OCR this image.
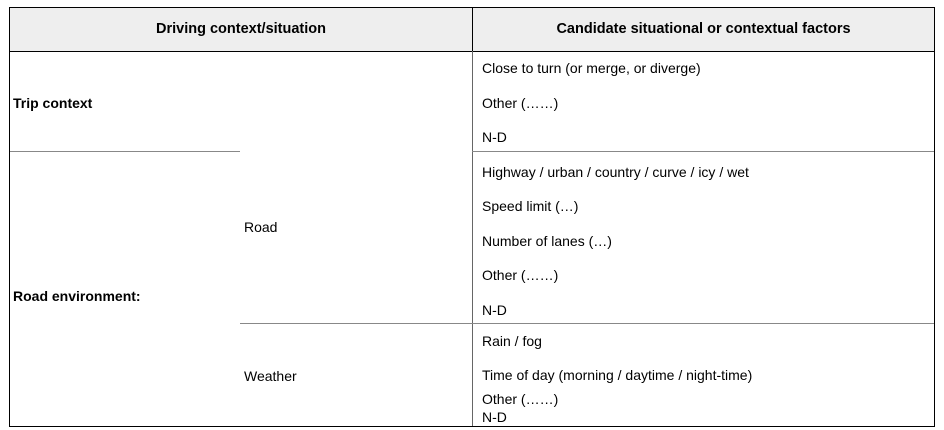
Driving context/situation	Candidate situational or contextual factors
Trip context
Close to turn (or merge, or diverge)
Other (……)
N-D
Road environment:
Road
Highway / urban / country / curve / icy / wet
Speed limit (…)
Number of lanes (…)
Other (……)
N-D
Weather
Rain / fog
Time of day (morning / daytime / night-time)
Other (……)
N-D
